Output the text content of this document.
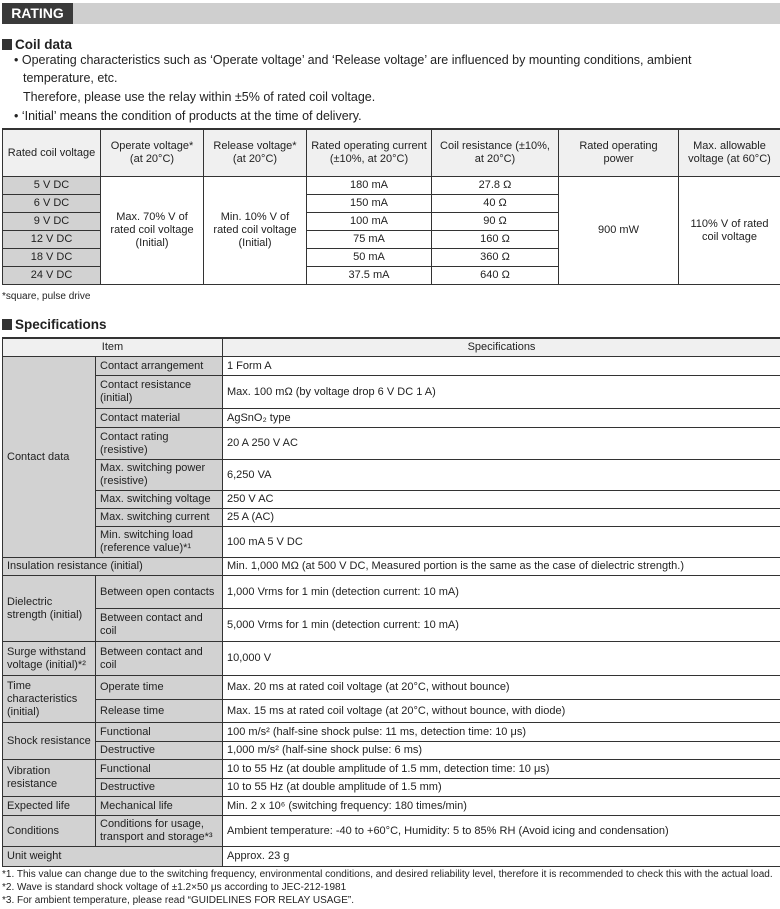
RATING
Coil data
• Operating characteristics such as ‘Operate voltage’ and ‘Release voltage’ are influenced by mounting conditions, ambient
temperature, etc.
Therefore, please use the relay within ±5% of rated coil voltage.
• ‘Initial’ means the condition of products at the time of delivery.
Rated coil voltage	Operate voltage* (at 20°C)	Release voltage* (at 20°C)	Rated operating current (±10%, at 20°C)	Coil resistance (±10%, at 20°C)	Rated operating power	Max. allowable voltage (at 60°C)
5 V DC	Max. 70% V of rated coil voltage (Initial)	Min. 10% V of rated coil voltage (Initial)	180 mA	27.8 Ω	900 mW	110% V of rated coil voltage
6 V DC			150 mA	40 Ω		
9 V DC			100 mA	90 Ω		
12 V DC			75 mA	160 Ω		
18 V DC			50 mA	360 Ω		
24 V DC			37.5 mA	640 Ω		
*square, pulse drive
Specifications
Item		Specifications
Contact data	Contact arrangement	1 Form A
	Contact resistance (initial)	Max. 100 mΩ (by voltage drop 6 V DC 1 A)
	Contact material	AgSnO₂ type
	Contact rating (resistive)	20 A 250 V AC
	Max. switching power (resistive)	6,250 VA
	Max. switching voltage	250 V AC
	Max. switching current	25 A (AC)
	Min. switching load (reference value)*¹	100 mA 5 V DC
Insulation resistance (initial)		Min. 1,000 MΩ (at 500 V DC, Measured portion is the same as the case of dielectric strength.)
Dielectric strength (initial)	Between open contacts	1,000 Vrms for 1 min (detection current: 10 mA)
	Between contact and coil	5,000 Vrms for 1 min (detection current: 10 mA)
Surge withstand voltage (initial)*²	Between contact and coil	10,000 V
Time characteristics (initial)	Operate time	Max. 20 ms at rated coil voltage (at 20°C, without bounce)
	Release time	Max. 15 ms at rated coil voltage (at 20°C, without bounce, with diode)
Shock resistance	Functional	100 m/s² (half-sine shock pulse: 11 ms, detection time: 10 μs)
	Destructive	1,000 m/s² (half-sine shock pulse: 6 ms)
Vibration resistance	Functional	10 to 55 Hz (at double amplitude of 1.5 mm, detection time: 10 μs)
	Destructive	10 to 55 Hz (at double amplitude of 1.5 mm)
Expected life	Mechanical life	Min. 2 x 10⁶ (switching frequency: 180 times/min)
Conditions	Conditions for usage, transport and storage*³	Ambient temperature: -40 to +60°C, Humidity: 5 to 85% RH (Avoid icing and condensation)
Unit weight		Approx. 23 g
*1. This value can change due to the switching frequency, environmental conditions, and desired reliability level, therefore it is recommended to check this with the actual load.
*2. Wave is standard shock voltage of ±1.2×50 μs according to JEC-212-1981
*3. For ambient temperature, please read “GUIDELINES FOR RELAY USAGE”.
